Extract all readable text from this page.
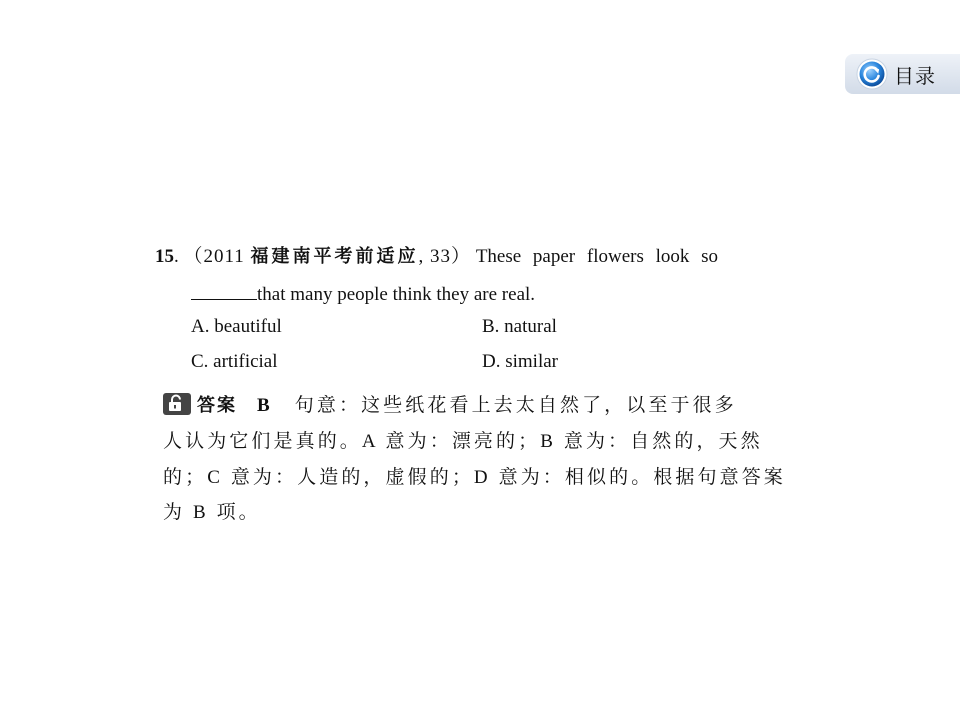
目录
15. （2011 福建南平考前适应, 33） These paper flowers look so
that many people think they are real.
A. beautiful	B. natural
C. artificial	D. similar
答案 B 句意：这些纸花看上去太自然了，以至于很多
人认为它们是真的。A 意为：漂亮的；B 意为：自然的，天然
的；C 意为：人造的，虚假的；D 意为：相似的。根据句意答案
为 B 项。
